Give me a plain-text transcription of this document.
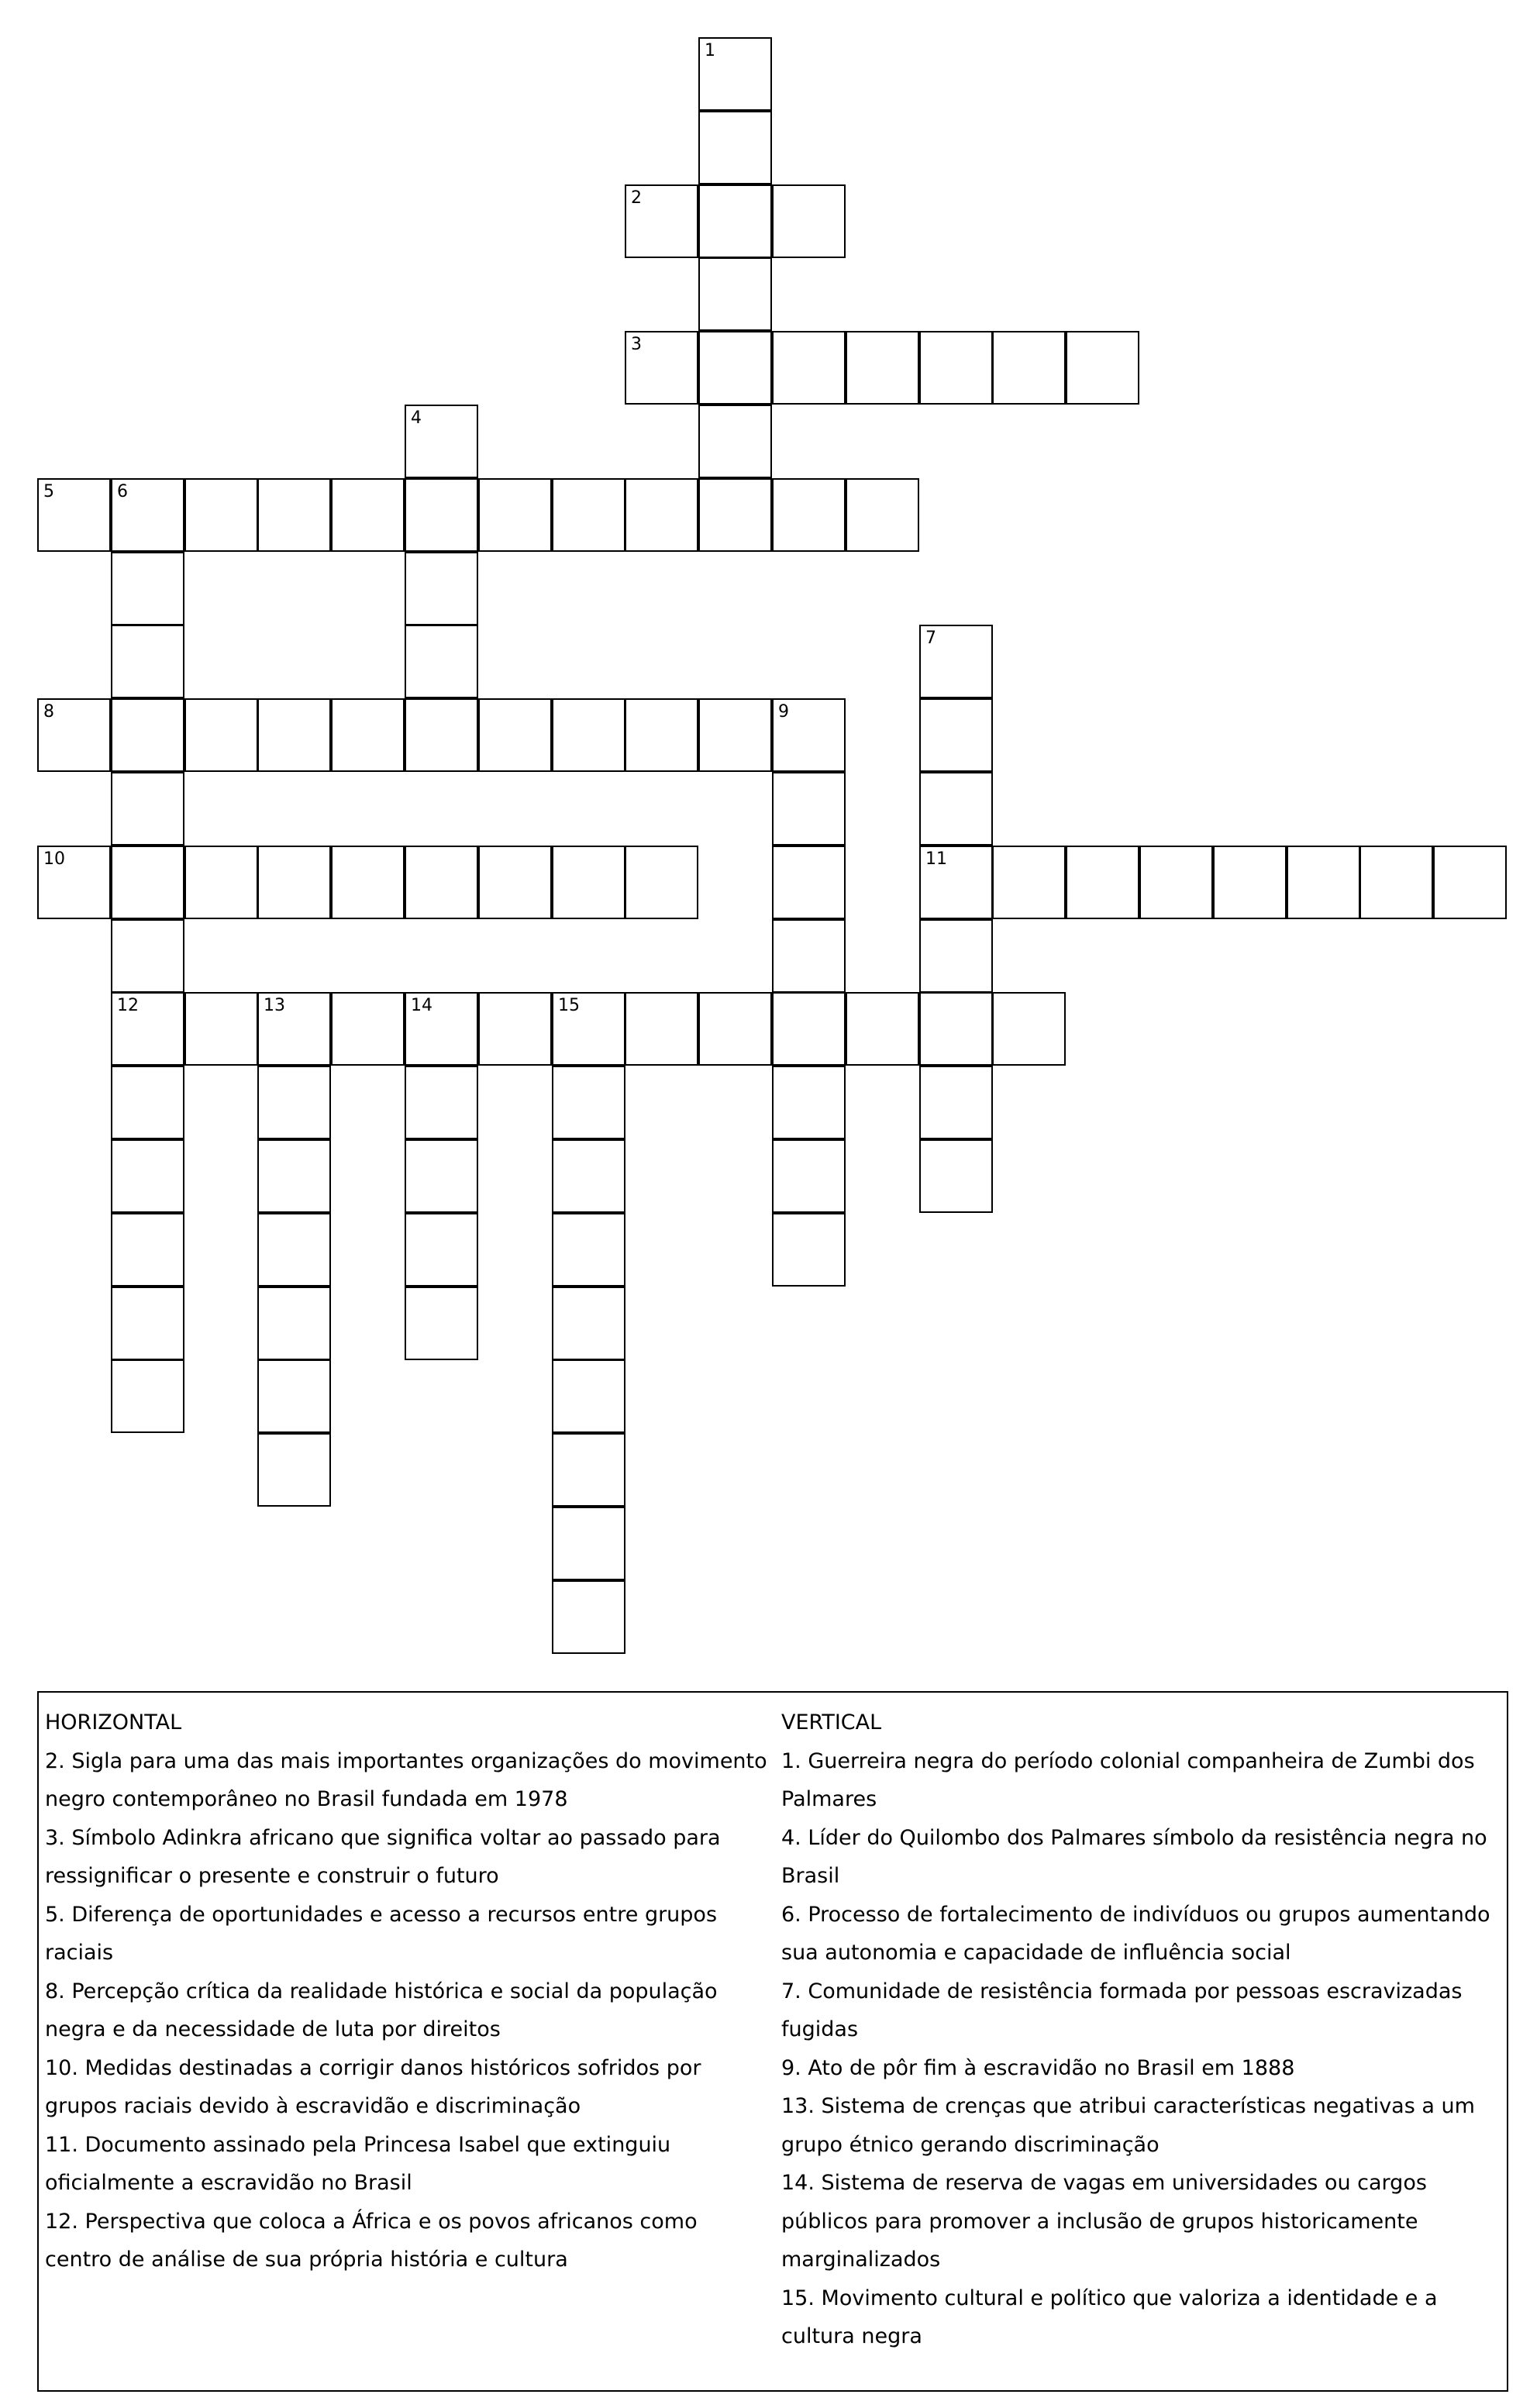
1
2
3
4
5	6
12
7
11
8	9
10
13	14	15
HORIZONTAL
2. Sigla para uma das mais importantes organizações do movimento
negro contemporâneo no Brasil fundada em 1978
3. Símbolo Adinkra africano que significa voltar ao passado para
ressignificar o presente e construir o futuro
5. Diferença de oportunidades e acesso a recursos entre grupos
raciais
8. Percepção crítica da realidade histórica e social da população
negra e da necessidade de luta por direitos
10. Medidas destinadas a corrigir danos históricos sofridos por
grupos raciais devido à escravidão e discriminação
11. Documento assinado pela Princesa Isabel que extinguiu
oficialmente a escravidão no Brasil
12. Perspectiva que coloca a África e os povos africanos como
centro de análise de sua própria história e cultura
VERTICAL
1. Guerreira negra do período colonial companheira de Zumbi dos
Palmares
4. Líder do Quilombo dos Palmares símbolo da resistência negra no
Brasil
6. Processo de fortalecimento de indivíduos ou grupos aumentando
sua autonomia e capacidade de influência social
7. Comunidade de resistência formada por pessoas escravizadas
fugidas
9. Ato de pôr fim à escravidão no Brasil em 1888
13. Sistema de crenças que atribui características negativas a um
grupo étnico gerando discriminação
14. Sistema de reserva de vagas em universidades ou cargos
públicos para promover a inclusão de grupos historicamente
marginalizados
15. Movimento cultural e político que valoriza a identidade e a
cultura negra
